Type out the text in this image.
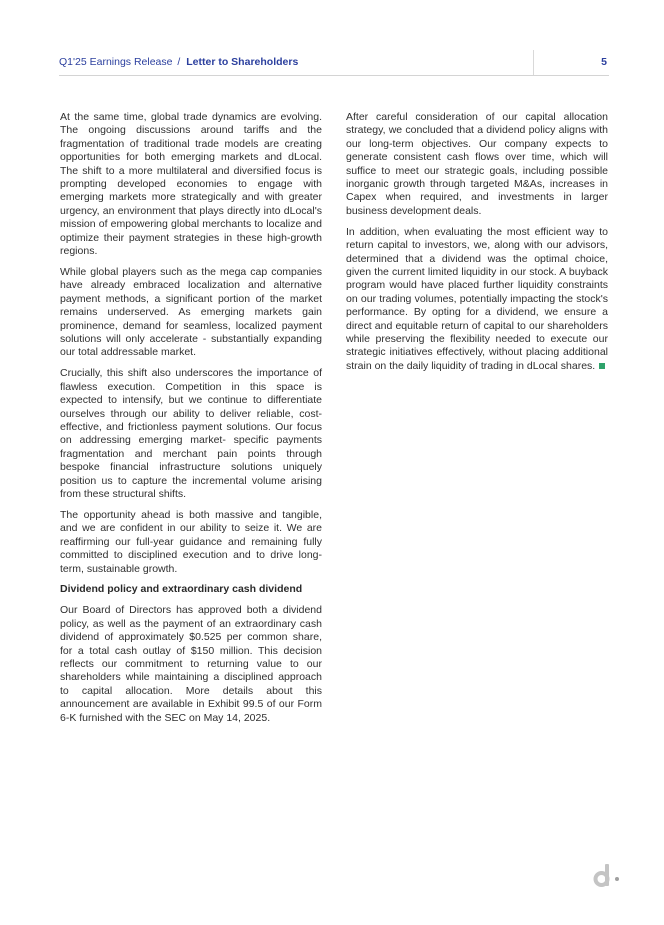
Q1'25 Earnings Release / Letter to Shareholders	5

At the same time, global trade dynamics are evolving. The ongoing discussions around tariffs and the fragmentation of traditional trade models are creating opportunities for both emerging markets and dLocal. The shift to a more multilateral and diversified focus is prompting developed economies to engage with emerging markets more strategically and with greater urgency, an environment that plays directly into dLocal's mission of empowering global merchants to localize and optimize their payment strategies in these high-growth regions.

While global players such as the mega cap companies have already embraced localization and alternative payment methods, a significant portion of the market remains underserved. As emerging markets gain prominence, demand for seamless, localized payment solutions will only accelerate - substantially expanding our total addressable market.

Crucially, this shift also underscores the importance of flawless execution. Competition in this space is expected to intensify, but we continue to differentiate ourselves through our ability to deliver reliable, cost-effective, and frictionless payment solutions. Our focus on addressing emerging market- specific payments fragmentation and merchant pain points through bespoke financial infrastructure solutions uniquely position us to capture the incremental volume arising from these structural shifts.

The opportunity ahead is both massive and tangible, and we are confident in our ability to seize it. We are reaffirming our full-year guidance and remaining fully committed to disciplined execution and to drive long-term, sustainable growth.

Dividend policy and extraordinary cash dividend

Our Board of Directors has approved both a dividend policy, as well as the payment of an extraordinary cash dividend of approximately $0.525 per common share, for a total cash outlay of $150 million. This decision reflects our commitment to returning value to our shareholders while maintaining a disciplined approach to capital allocation. More details about this announcement are available in Exhibit 99.5 of our Form 6-K furnished with the SEC on May 14, 2025.

After careful consideration of our capital allocation strategy, we concluded that a dividend policy aligns with our long-term objectives. Our company expects to generate consistent cash flows over time, which will suffice to meet our strategic goals, including possible inorganic growth through targeted M&As, increases in Capex when required, and investments in larger business development deals.

In addition, when evaluating the most efficient way to return capital to investors, we, along with our advisors, determined that a dividend was the optimal choice, given the current limited liquidity in our stock. A buyback program would have placed further liquidity constraints on our trading volumes, potentially impacting the stock's performance. By opting for a dividend, we ensure a direct and equitable return of capital to our shareholders while preserving the flexibility needed to execute our strategic initiatives effectively, without placing additional strain on the daily liquidity of trading in dLocal shares.
